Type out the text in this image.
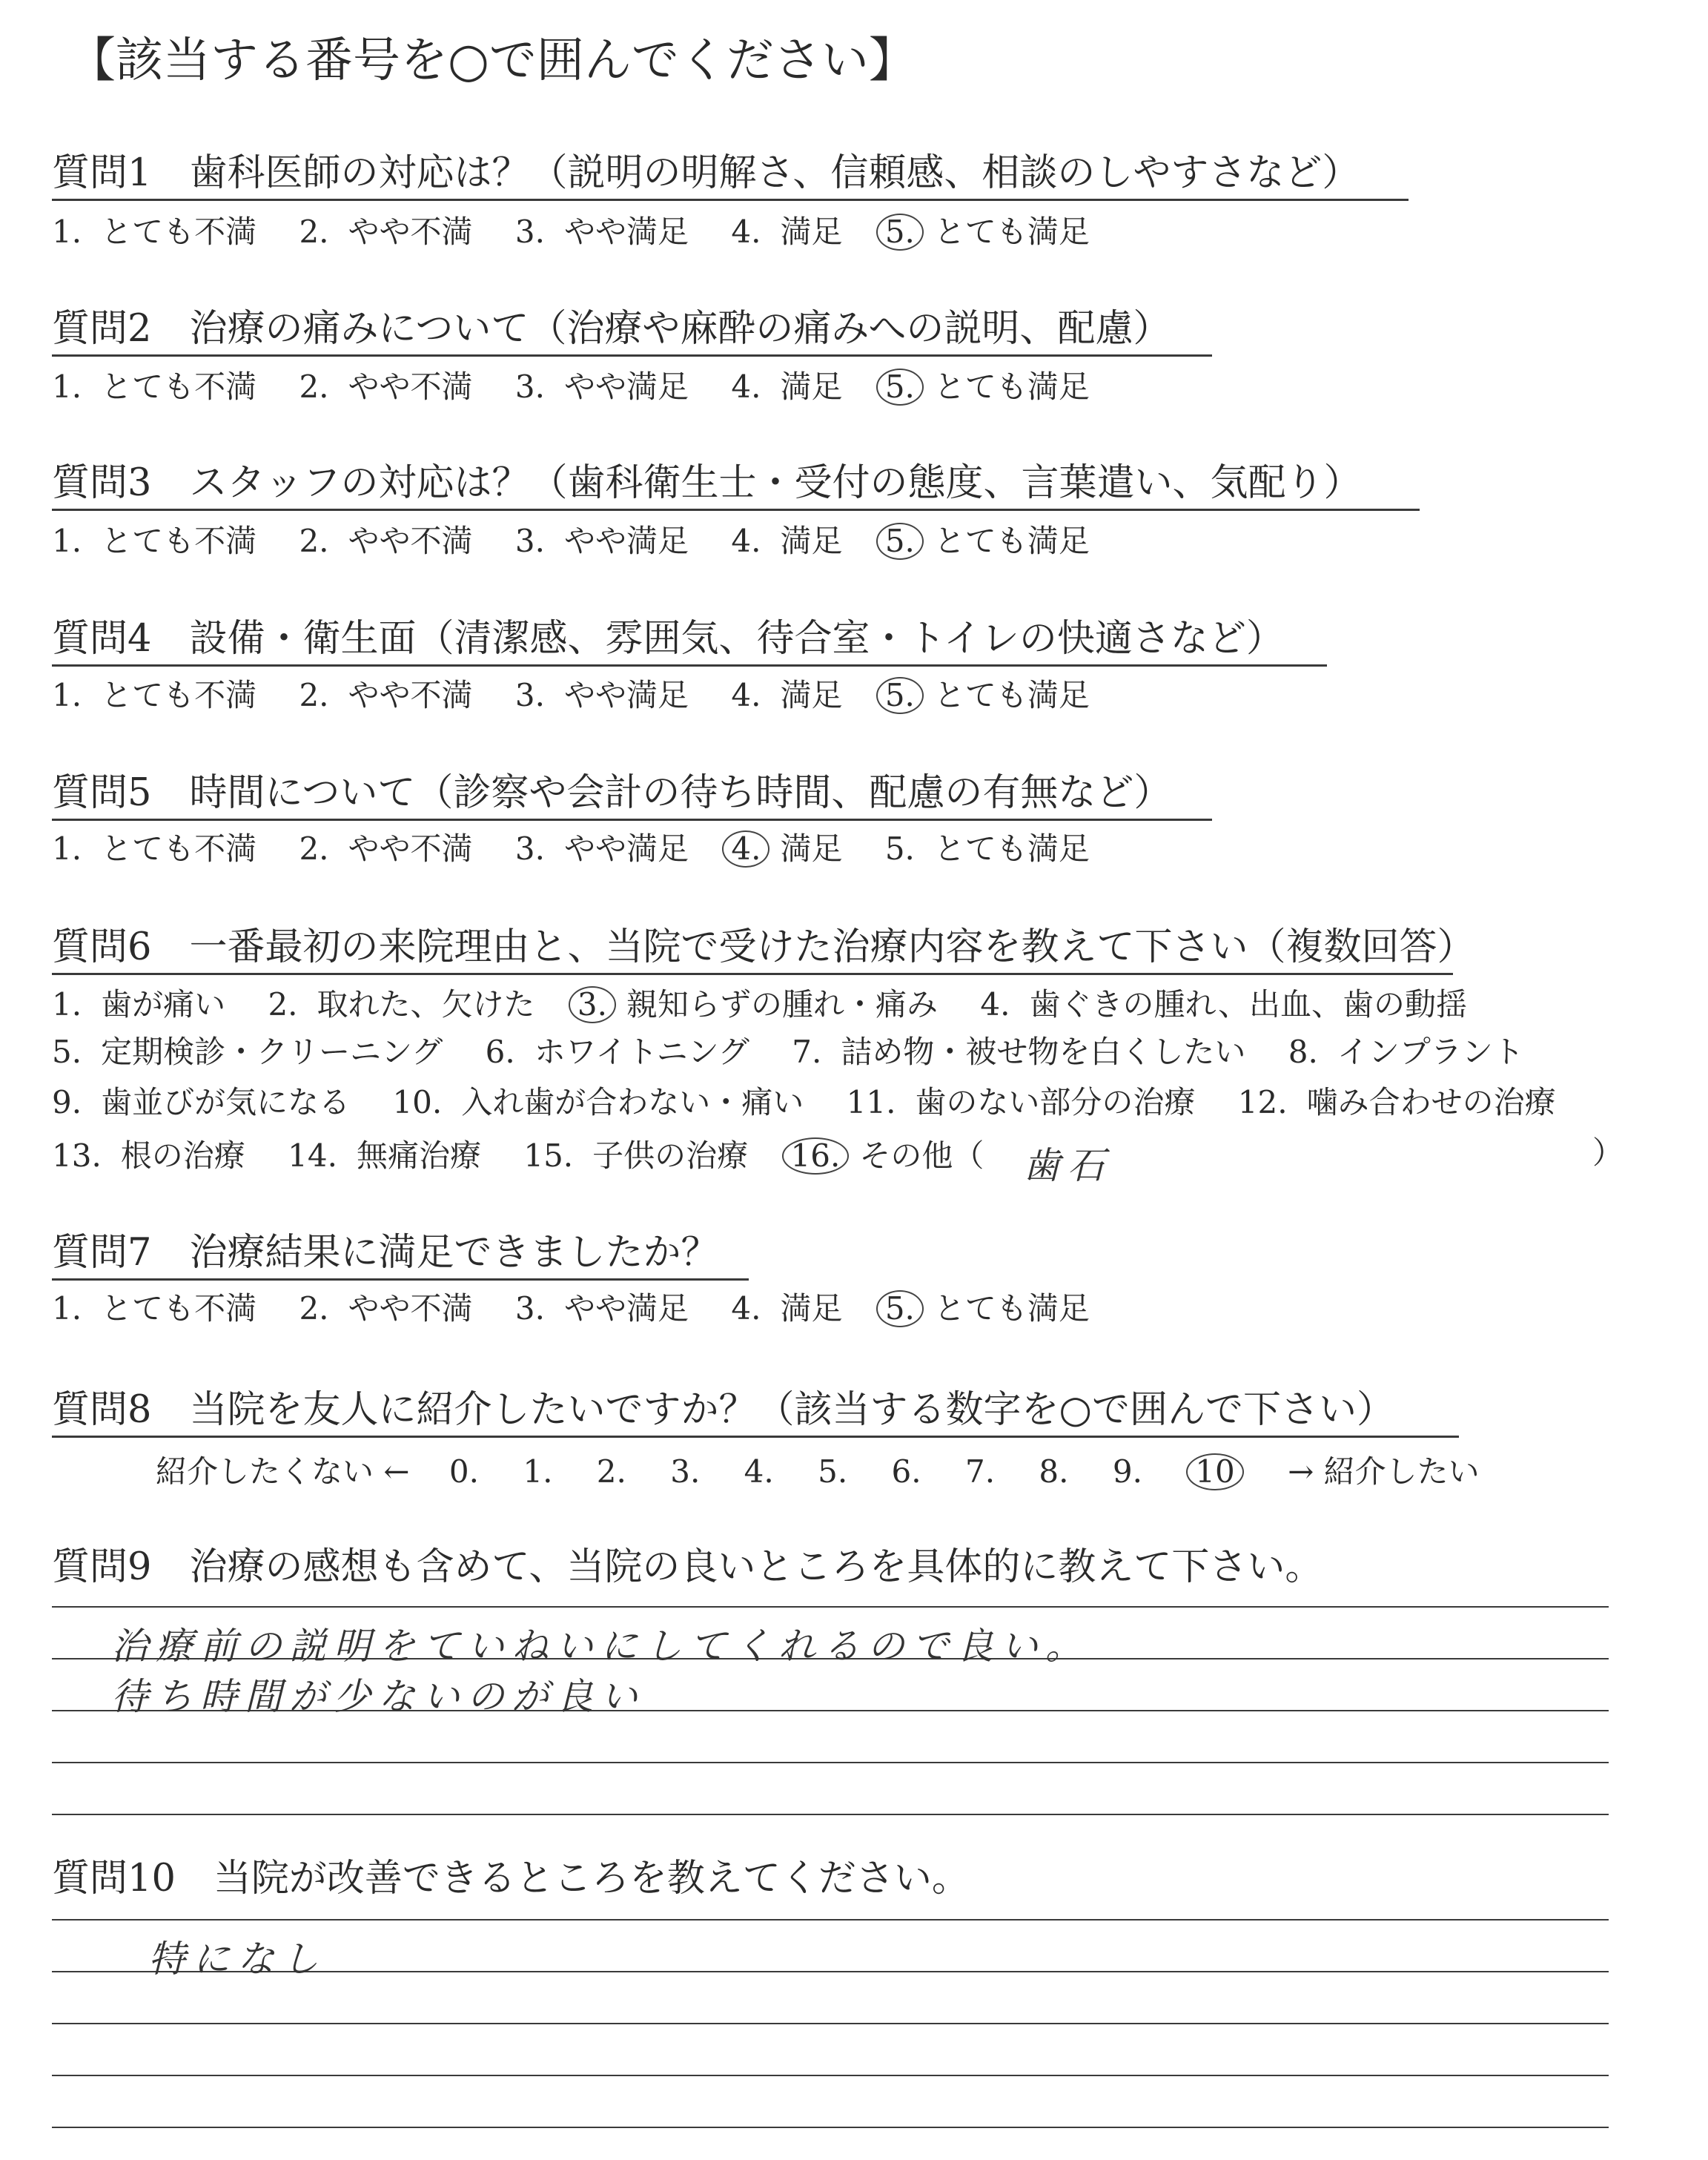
【該当する番号を○で囲んでください】
質問1　歯科医師の対応は？（説明の明解さ、信頼感、相談のしやすさなど）
1. とても不満 2. やや不満 3. やや満足 4. 満足 5. とても満足
質問2　治療の痛みについて（治療や麻酔の痛みへの説明、配慮）
1. とても不満 2. やや不満 3. やや満足 4. 満足 5. とても満足
質問3　スタッフの対応は？（歯科衛生士・受付の態度、言葉遣い、気配り）
1. とても不満 2. やや不満 3. やや満足 4. 満足 5. とても満足
質問4　設備・衛生面（清潔感、雰囲気、待合室・トイレの快適さなど）
1. とても不満 2. やや不満 3. やや満足 4. 満足 5. とても満足
質問5　時間について（診察や会計の待ち時間、配慮の有無など）
1. とても不満 2. やや不満 3. やや満足 4. 満足 5. とても満足
質問6　一番最初の来院理由と、当院で受けた治療内容を教えて下さい（複数回答）
1. 歯が痛い 2. 取れた、欠けた 3. 親知らずの腫れ・痛み 4. 歯ぐきの腫れ、出血、歯の動揺
5. 定期検診・クリーニング 6. ホワイトニング 7. 詰め物・被せ物を白くしたい 8. インプラント
9. 歯並びが気になる 10. 入れ歯が合わない・痛い 11. 歯のない部分の治療 12. 噛み合わせの治療
13. 根の治療 14. 無痛治療 15. 子供の治療 16. その他（	歯石	）
質問7　治療結果に満足できましたか？
1. とても不満 2. やや不満 3. やや満足 4. 満足 5. とても満足
質問8　当院を友人に紹介したいですか？（該当する数字を○で囲んで下さい）
紹介したくない ← 0. 1. 2. 3. 4. 5. 6. 7. 8. 9. 10 → 紹介したい
質問9　治療の感想も含めて、当院の良いところを具体的に教えて下さい。
治療前の説明をていねいにしてくれるので良い。
待ち時間が少ないのが良い
質問10　当院が改善できるところを教えてください。
特になし
